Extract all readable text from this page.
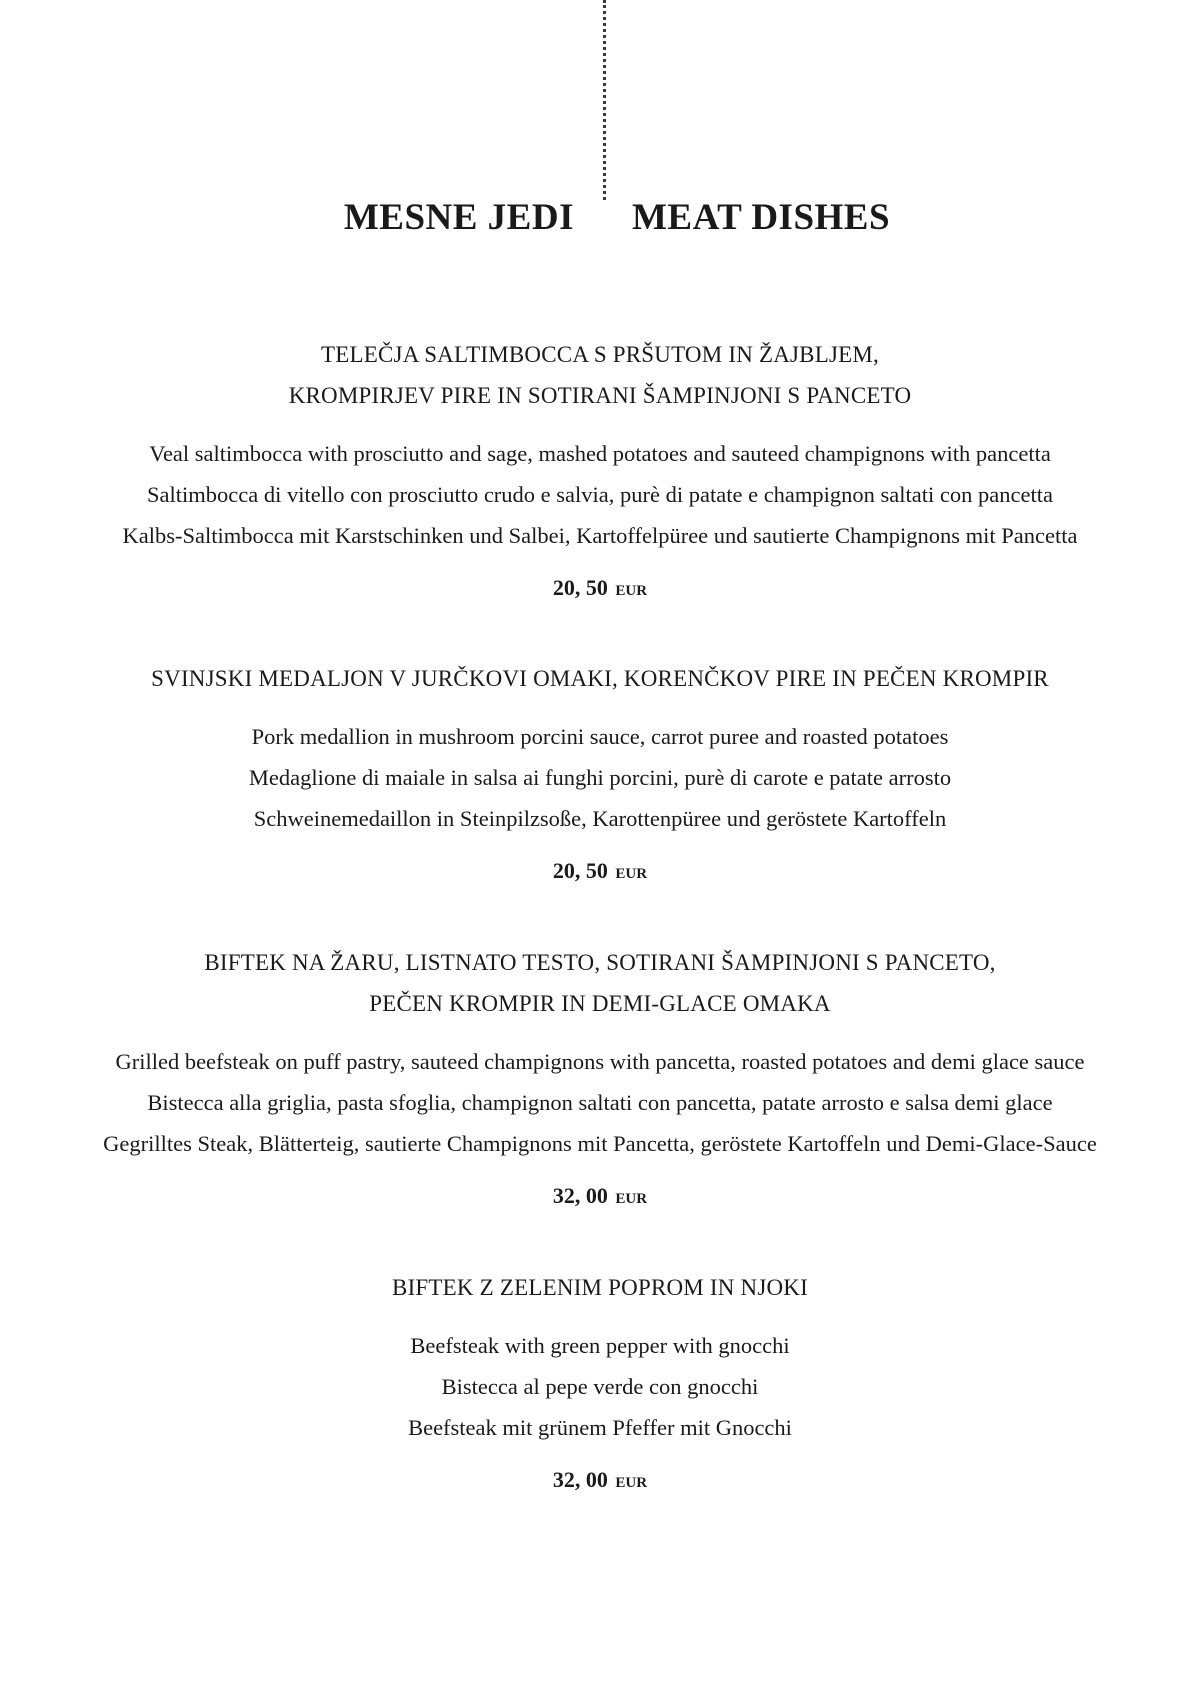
MESNE JEDI MEAT DISHES
TELEČJA SALTIMBOCCA S PRŠUTOM IN ŽAJBLJEM,
KROMPIRJEV PIRE IN SOTIRANI ŠAMPINJONI S PANCETO
Veal saltimbocca with prosciutto and sage, mashed potatoes and sauteed champignons with pancetta
Saltimbocca di vitello con prosciutto crudo e salvia, purè di patate e champignon saltati con pancetta
Kalbs-Saltimbocca mit Karstschinken und Salbei, Kartoffelpüree und sautierte Champignons mit Pancetta
20, 50 EUR
SVINJSKI MEDALJON V JURČKOVI OMAKI, KORENČKOV PIRE IN PEČEN KROMPIR
Pork medallion in mushroom porcini sauce, carrot puree and roasted potatoes
Medaglione di maiale in salsa ai funghi porcini, purè di carote e patate arrosto
Schweinemedaillon in Steinpilzsoße, Karottenpüree und geröstete Kartoffeln
20, 50 EUR
BIFTEK NA ŽARU, LISTNATO TESTO, SOTIRANI ŠAMPINJONI S PANCETO,
PEČEN KROMPIR IN DEMI-GLACE OMAKA
Grilled beefsteak on puff pastry, sauteed champignons with pancetta, roasted potatoes and demi glace sauce
Bistecca alla griglia, pasta sfoglia, champignon saltati con pancetta, patate arrosto e salsa demi glace
Gegrilltes Steak, Blätterteig, sautierte Champignons mit Pancetta, geröstete Kartoffeln und Demi-Glace-Sauce
32, 00 EUR
BIFTEK Z ZELENIM POPROM IN NJOKI
Beefsteak with green pepper with gnocchi
Bistecca al pepe verde con gnocchi
Beefsteak mit grünem Pfeffer mit Gnocchi
32, 00 EUR
